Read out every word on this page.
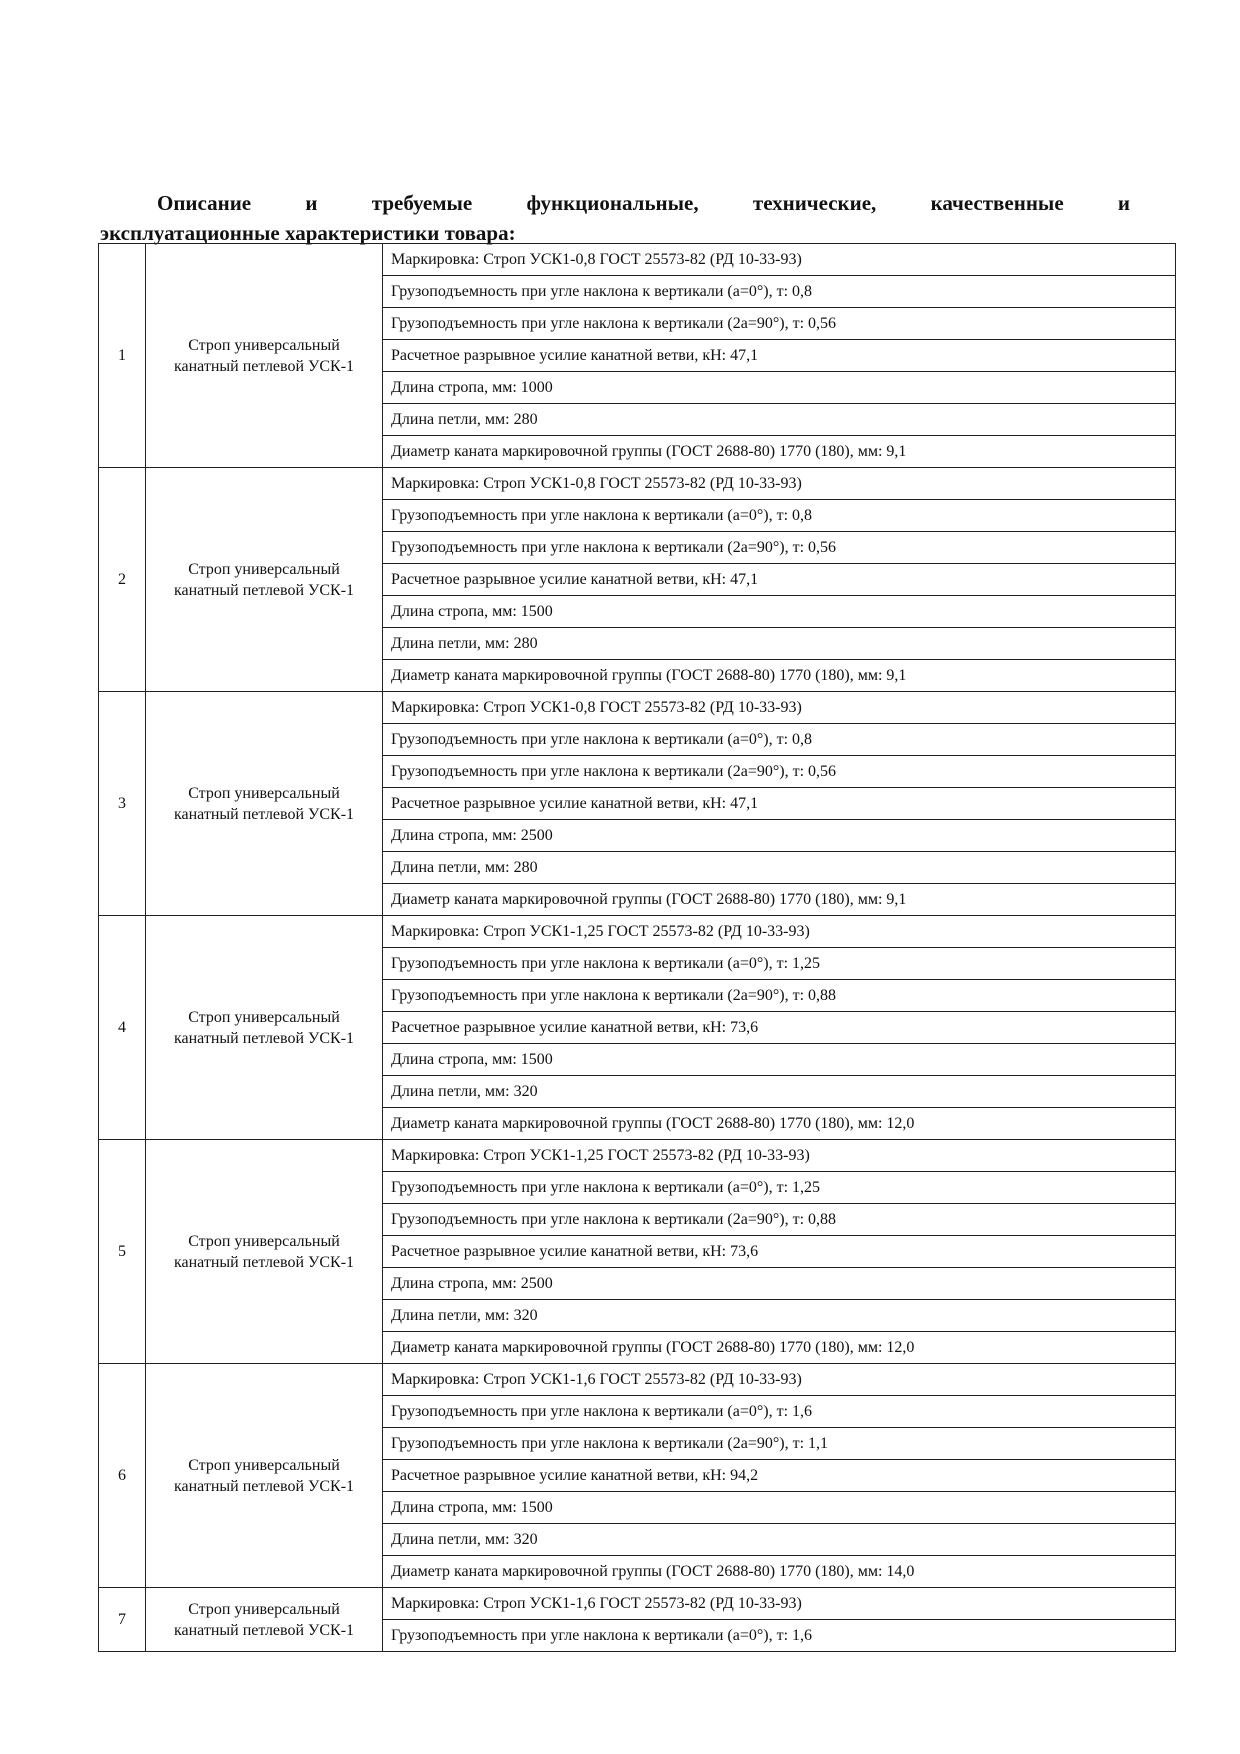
Описание	и	требуемые	функциональные,	технические,	качественные	и
эксплуатационные характеристики товара:
1	Строп универсальный
канатный петлевой УСК-1	Маркировка: Строп УСК1-0,8 ГОСТ 25573-82 (РД 10-33-93)
		Грузоподъемность при угле наклона к вертикали (a=0°), т: 0,8
		Грузоподъемность при угле наклона к вертикали (2a=90°), т: 0,56
		Расчетное разрывное усилие канатной ветви, кН: 47,1
		Длина стропа, мм: 1000
		Длина петли, мм: 280
		Диаметр каната маркировочной группы (ГОСТ 2688-80) 1770 (180), мм: 9,1
2	Строп универсальный
канатный петлевой УСК-1	Маркировка: Строп УСК1-0,8 ГОСТ 25573-82 (РД 10-33-93)
		Грузоподъемность при угле наклона к вертикали (a=0°), т: 0,8
		Грузоподъемность при угле наклона к вертикали (2a=90°), т: 0,56
		Расчетное разрывное усилие канатной ветви, кН: 47,1
		Длина стропа, мм: 1500
		Длина петли, мм: 280
		Диаметр каната маркировочной группы (ГОСТ 2688-80) 1770 (180), мм: 9,1
3	Строп универсальный
канатный петлевой УСК-1	Маркировка: Строп УСК1-0,8 ГОСТ 25573-82 (РД 10-33-93)
		Грузоподъемность при угле наклона к вертикали (a=0°), т: 0,8
		Грузоподъемность при угле наклона к вертикали (2a=90°), т: 0,56
		Расчетное разрывное усилие канатной ветви, кН: 47,1
		Длина стропа, мм: 2500
		Длина петли, мм: 280
		Диаметр каната маркировочной группы (ГОСТ 2688-80) 1770 (180), мм: 9,1
4	Строп универсальный
канатный петлевой УСК-1	Маркировка: Строп УСК1-1,25 ГОСТ 25573-82 (РД 10-33-93)
		Грузоподъемность при угле наклона к вертикали (a=0°), т: 1,25
		Грузоподъемность при угле наклона к вертикали (2a=90°), т: 0,88
		Расчетное разрывное усилие канатной ветви, кН: 73,6
		Длина стропа, мм: 1500
		Длина петли, мм: 320
		Диаметр каната маркировочной группы (ГОСТ 2688-80) 1770 (180), мм: 12,0
5	Строп универсальный
канатный петлевой УСК-1	Маркировка: Строп УСК1-1,25 ГОСТ 25573-82 (РД 10-33-93)
		Грузоподъемность при угле наклона к вертикали (a=0°), т: 1,25
		Грузоподъемность при угле наклона к вертикали (2a=90°), т: 0,88
		Расчетное разрывное усилие канатной ветви, кН: 73,6
		Длина стропа, мм: 2500
		Длина петли, мм: 320
		Диаметр каната маркировочной группы (ГОСТ 2688-80) 1770 (180), мм: 12,0
6	Строп универсальный
канатный петлевой УСК-1	Маркировка: Строп УСК1-1,6 ГОСТ 25573-82 (РД 10-33-93)
		Грузоподъемность при угле наклона к вертикали (a=0°), т: 1,6
		Грузоподъемность при угле наклона к вертикали (2a=90°), т: 1,1
		Расчетное разрывное усилие канатной ветви, кН: 94,2
		Длина стропа, мм: 1500
		Длина петли, мм: 320
		Диаметр каната маркировочной группы (ГОСТ 2688-80) 1770 (180), мм: 14,0
7	Строп универсальный
канатный петлевой УСК-1	Маркировка: Строп УСК1-1,6 ГОСТ 25573-82 (РД 10-33-93)
		Грузоподъемность при угле наклона к вертикали (a=0°), т: 1,6
